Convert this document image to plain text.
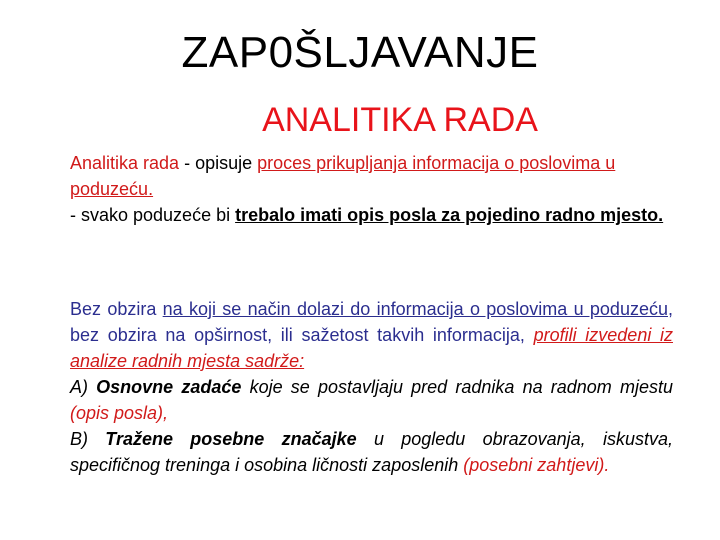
ZAP0ŠLJAVANJE
ANALITIKA RADA
Analitika rada - opisuje proces prikupljanja informacija o poslovima u poduzeću.
- svako poduzeće bi trebalo imati opis posla za pojedino radno mjesto.
Bez obzira na koji se način dolazi do informacija o poslovima u poduzeću, bez obzira na opširnost, ili sažetost takvih informacija, profili izvedeni iz analize radnih mjesta sadrže:
A) Osnovne zadaće koje se postavljaju pred radnika na radnom mjestu (opis posla),
B) Tražene posebne značajke u pogledu obrazovanja, iskustva, specifičnog treninga i osobina ličnosti zaposlenih (posebni zahtjevi).
